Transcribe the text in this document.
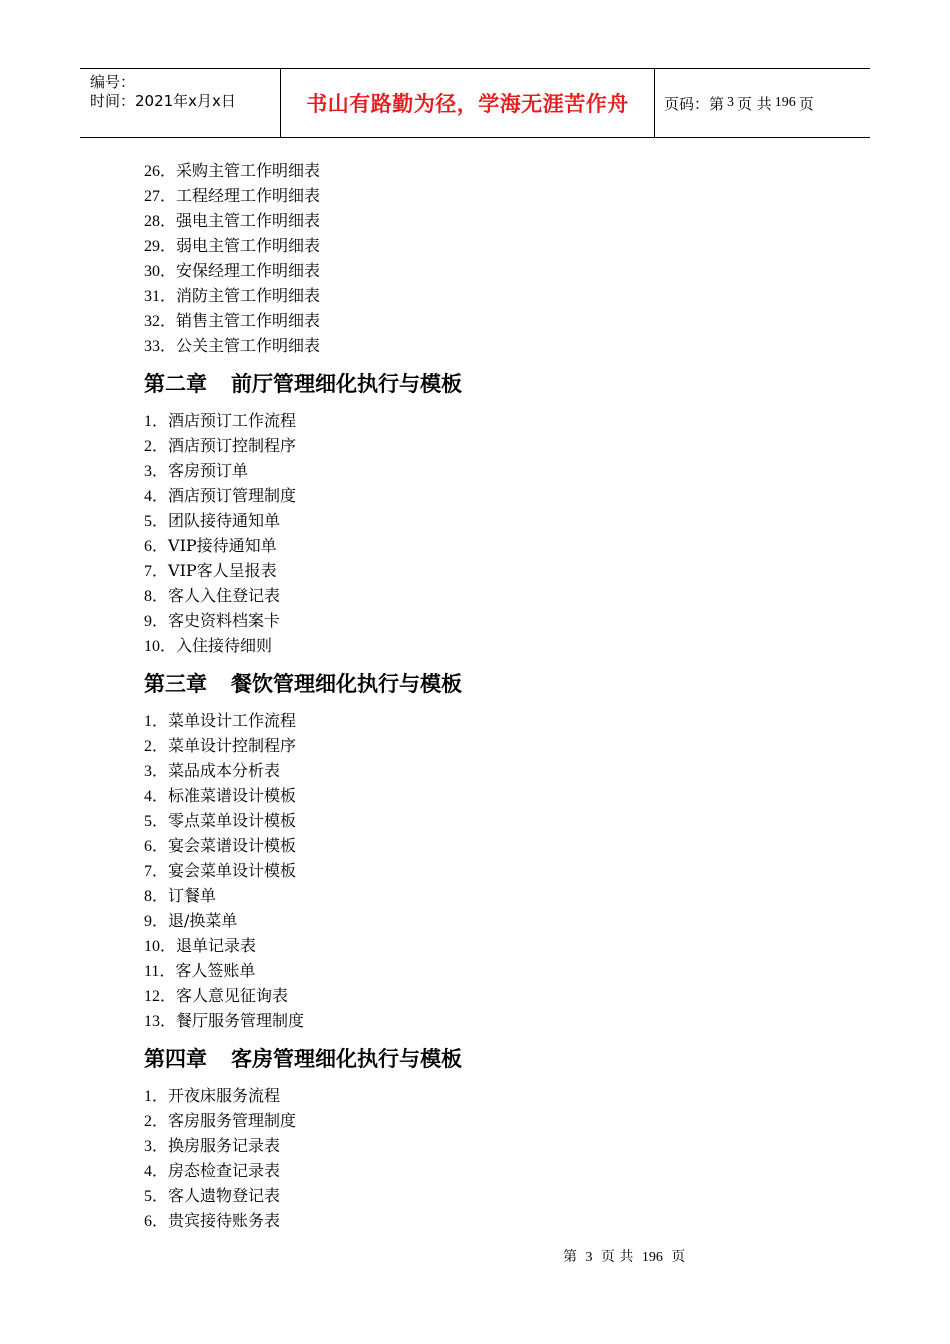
编号：
时间：2021年x月x日	书山有路勤为径，学海无涯苦作舟 页码：第 3 页 共 196 页
26．采购主管工作明细表
27．工程经理工作明细表
28．强电主管工作明细表
29．弱电主管工作明细表
30．安保经理工作明细表
31．消防主管工作明细表
32．销售主管工作明细表
33．公关主管工作明细表
第二章 前厅管理细化执行与模板
1．酒店预订工作流程
2．酒店预订控制程序
3．客房预订单
4．酒店预订管理制度
5．团队接待通知单
6．VIP接待通知单
7．VIP客人呈报表
8．客人入住登记表
9．客史资料档案卡
10．入住接待细则
第三章 餐饮管理细化执行与模板
1．菜单设计工作流程
2．菜单设计控制程序
3．菜品成本分析表
4．标准菜谱设计模板
5．零点菜单设计模板
6．宴会菜谱设计模板
7．宴会菜单设计模板
8．订餐单
9．退/换菜单
10．退单记录表
11．客人签账单
12．客人意见征询表
13．餐厅服务管理制度
第四章 客房管理细化执行与模板
1．开夜床服务流程
2．客房服务管理制度
3．换房服务记录表
4．房态检查记录表
5．客人遗物登记表
6．贵宾接待账务表
第 3 页 共 196 页
